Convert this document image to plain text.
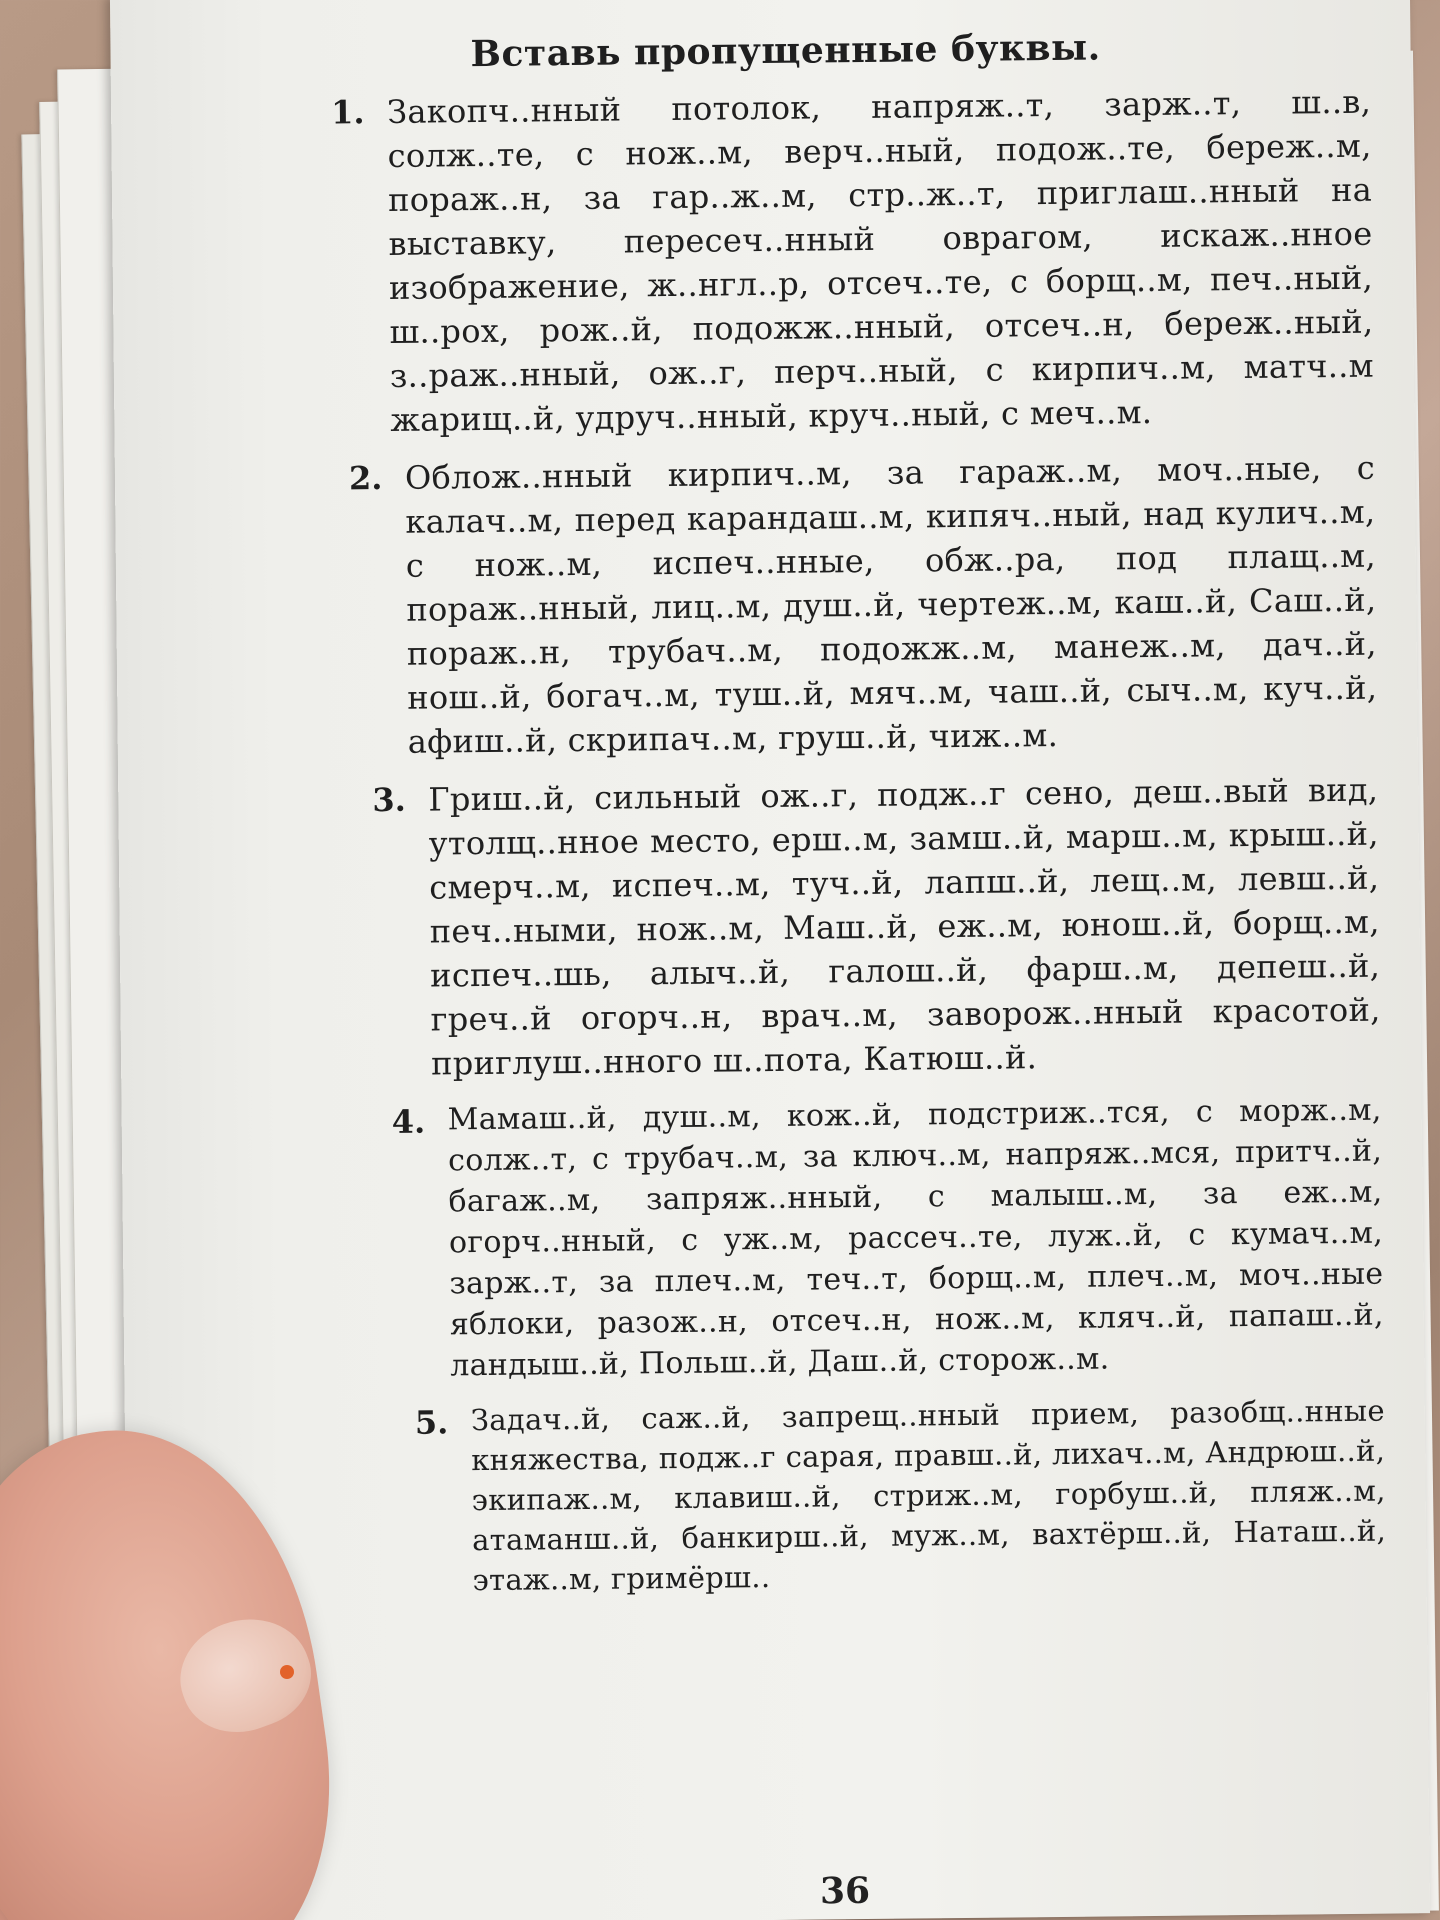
Вставь пропущенные буквы.
1. Закопч..нный потолок, напряж..т, зарж..т, ш..в, солж..те, с нож..м, верч..ный, подож..те, береж..м, пораж..н, за гар..ж..м, стр..ж..т, приглаш..нный на выставку, пересеч..нный оврагом, искаж..нное изображение, ж..нгл..р, отсеч..те, с борщ..м, печ..ный, ш..рох, рож..й, подожж..нный, отсеч..н, береж..ный, з..раж..нный, ож..г, перч..ный, с кирпич..м, матч..м жарищ..й, удруч..нный, круч..ный, с меч..м.
2. Облож..нный кирпич..м, за гараж..м, моч..ные, с калач..м, перед карандаш..м, кипяч..ный, над кулич..м, с нож..м, испеч..нные, обж..ра, под плащ..м, пораж..нный, лиц..м, душ..й, чертеж..м, каш..й, Саш..й, пораж..н, трубач..м, подожж..м, манеж..м, дач..й, нош..й, богач..м, туш..й, мяч..м, чаш..й, сыч..м, куч..й, афиш..й, скрипач..м, груш..й, чиж..м.
3. Гриш..й, сильный ож..г, подж..г сено, деш..вый вид, утолщ..нное место, ерш..м, замш..й, марш..м, крыш..й, смерч..м, испеч..м, туч..й, лапш..й, лещ..м, левш..й, печ..ными, нож..м, Маш..й, еж..м, юнош..й, борщ..м, испеч..шь, алыч..й, галош..й, фарш..м, депеш..й, греч..й огорч..н, врач..м, заворож..нный красотой, приглуш..нного ш..пота, Катюш..й.
4. Мамаш..й, душ..м, кож..й, подстриж..тся, с морж..м, солж..т, с трубач..м, за ключ..м, напряж..мся, притч..й, багаж..м, запряж..нный, с малыш..м, за еж..м, огорч..нный, с уж..м, рассеч..те, луж..й, с кумач..м, зарж..т, за плеч..м, теч..т, борщ..м, плеч..м, моч..ные яблоки, разож..н, отсеч..н, нож..м, кляч..й, папаш..й, ландыш..й, Польш..й, Даш..й, сторож..м.
5. Задач..й, саж..й, запрещ..нный прием, разобщ..нные княжества, подж..г сарая, правш..й, лихач..м, Андрюш..й, экипаж..м, клавиш..й, стриж..м, горбуш..й, пляж..м, атаманш..й, банкирш..й, муж..м, вахтёрш..й, Наташ..й, этаж..м, гримёрш..
36
